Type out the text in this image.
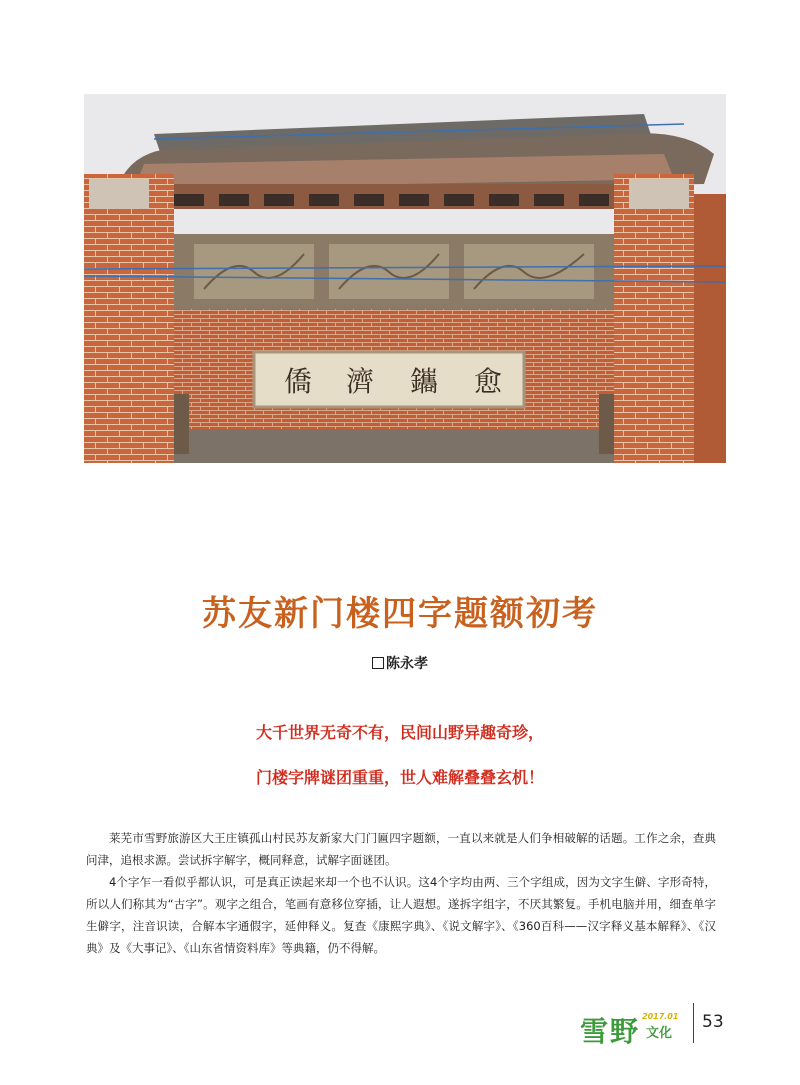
僑 濟 鑴 愈
苏友新门楼四字题额初考
陈永孝
大千世界无奇不有，民间山野异趣奇珍，
门楼字牌谜团重重，世人难解叠叠玄机！

莱芜市雪野旅游区大王庄镇孤山村民苏友新家大门门匾四字题额，一直以来就是人们争相破解的话题。工作之余，查典问津，追根求源。尝试拆字解字，概同释意，试解字面谜团。

4个字乍一看似乎都认识，可是真正读起来却一个也不认识。这4个字均由两、三个字组成，因为文字生僻、字形奇特，所以人们称其为“古字”。观字之组合，笔画有意移位穿插，让人遐想。遂拆字组字，不厌其繁复。手机电脑并用，细查单字生僻字，注音识读，合解本字通假字，延伸释义。复查《康熙字典》、《说文解字》、《360百科——汉字释义基本解释》、《汉典》及《大事记》、《山东省情资料库》等典籍，仍不得解。

雪野 2017.01
文化
53
